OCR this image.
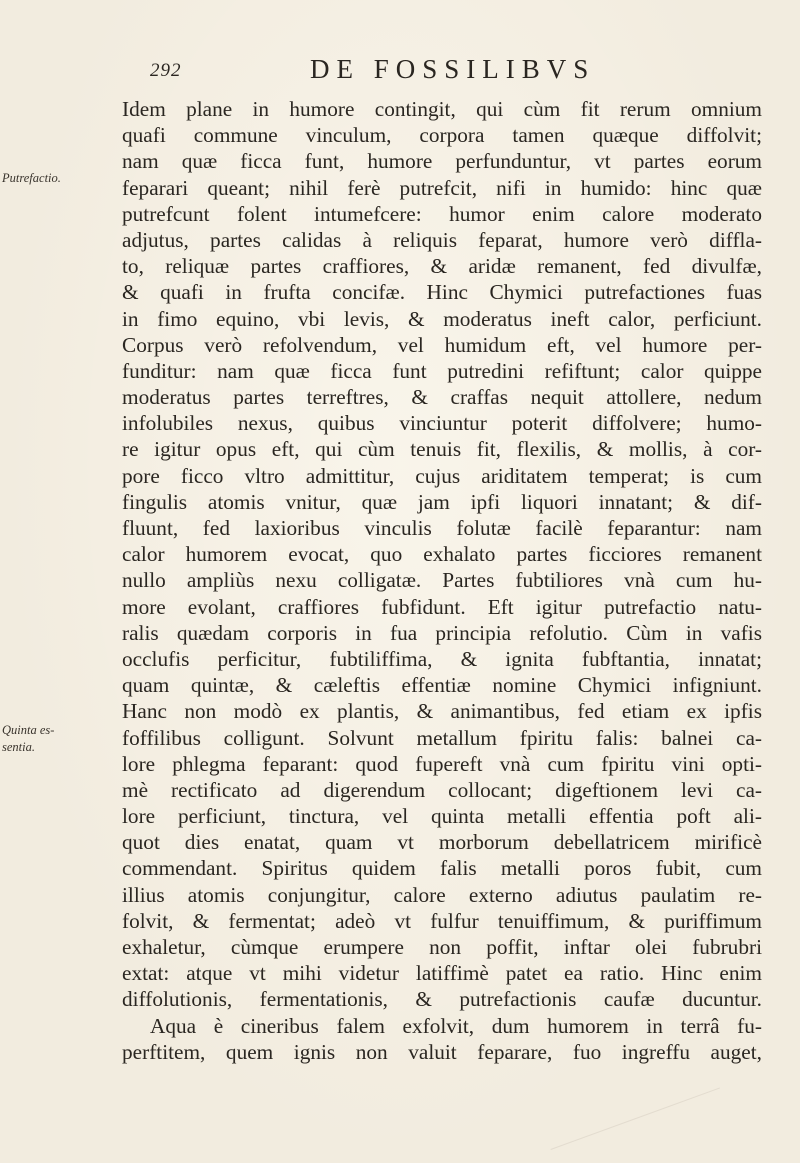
292	DE FOSSILIBVS
Putrefactio.
Quinta es-
sentia.
Idem plane in humore contingit, qui cùm fit rerum omnium
quafi commune vinculum, corpora tamen quæque diffolvit;
nam quæ ficca funt, humore perfunduntur, vt partes eorum
feparari queant; nihil ferè putrefcit, nifi in humido: hinc quæ
putrefcunt folent intumefcere: humor enim calore moderato
adjutus, partes calidas à reliquis feparat, humore verò diffla-
to, reliquæ partes craffiores, & aridæ remanent, fed divulfæ,
& quafi in frufta concifæ. Hinc Chymici putrefactiones fuas
in fimo equino, vbi levis, & moderatus ineft calor, perficiunt.
Corpus verò refolvendum, vel humidum eft, vel humore per-
funditur: nam quæ ficca funt putredini refiftunt; calor quippe
moderatus partes terreftres, & craffas nequit attollere, nedum
infolubiles nexus, quibus vinciuntur poterit diffolvere; humo-
re igitur opus eft, qui cùm tenuis fit, flexilis, & mollis, à cor-
pore ficco vltro admittitur, cujus ariditatem temperat; is cum
fingulis atomis vnitur, quæ jam ipfi liquori innatant; & dif-
fluunt, fed laxioribus vinculis folutæ facilè feparantur: nam
calor humorem evocat, quo exhalato partes ficciores remanent
nullo ampliùs nexu colligatæ. Partes fubtiliores vnà cum hu-
more evolant, craffiores fubfidunt. Eft igitur putrefactio natu-
ralis quædam corporis in fua principia refolutio. Cùm in vafis
occlufis perficitur, fubtiliffima, & ignita fubftantia, innatat;
quam quintæ, & cæleftis effentiæ nomine Chymici infigniunt.
Hanc non modò ex plantis, & animantibus, fed etiam ex ipfis
foffilibus colligunt. Solvunt metallum fpiritu falis: balnei ca-
lore phlegma feparant: quod fupereft vnà cum fpiritu vini opti-
mè rectificato ad digerendum collocant; digeftionem levi ca-
lore perficiunt, tinctura, vel quinta metalli effentia poft ali-
quot dies enatat, quam vt morborum debellatricem mirificè
commendant. Spiritus quidem falis metalli poros fubit, cum
illius atomis conjungitur, calore externo adiutus paulatim re-
folvit, & fermentat; adeò vt fulfur tenuiffimum, & puriffimum
exhaletur, cùmque erumpere non poffit, inftar olei fubrubri
extat: atque vt mihi videtur latiffimè patet ea ratio. Hinc enim
diffolutionis, fermentationis, & putrefactionis caufæ ducuntur.
Aqua è cineribus falem exfolvit, dum humorem in terrâ fu-
perftitem, quem ignis non valuit feparare, fuo ingreffu auget,
